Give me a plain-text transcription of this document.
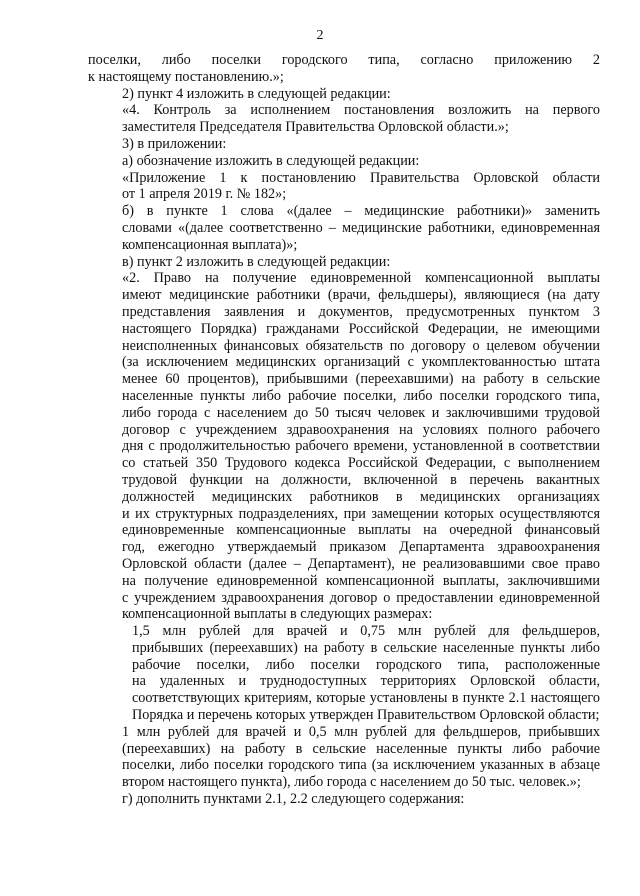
2

поселки, либо поселки городского типа, согласно приложению 2
к настоящему постановлению.»;

2) пункт 4 изложить в следующей редакции:

«4. Контроль за исполнением постановления возложить на первого
заместителя Председателя Правительства Орловской области.»;

3) в приложении:

а) обозначение изложить в следующей редакции:

«Приложение 1 к постановлению Правительства Орловской области
от 1 апреля 2019 г. № 182»;

б) в пункте 1 слова «(далее – медицинские работники)» заменить
словами «(далее соответственно – медицинские работники, единовременная
компенсационная выплата)»;

в) пункт 2 изложить в следующей редакции:

«2. Право на получение единовременной компенсационной выплаты
имеют медицинские работники (врачи, фельдшеры), являющиеся (на дату
представления заявления и документов, предусмотренных пунктом 3
настоящего Порядка) гражданами Российской Федерации, не имеющими
неисполненных финансовых обязательств по договору о целевом обучении
(за исключением медицинских организаций с укомплектованностью штата
менее 60 процентов), прибывшими (переехавшими) на работу в сельские
населенные пункты либо рабочие поселки, либо поселки городского типа,
либо города с населением до 50 тысяч человек и заключившими трудовой
договор с учреждением здравоохранения на условиях полного рабочего
дня с продолжительностью рабочего времени, установленной в соответствии
со статьей 350 Трудового кодекса Российской Федерации, с выполнением
трудовой функции на должности, включенной в перечень вакантных
должностей медицинских работников в медицинских организациях
и их структурных подразделениях, при замещении которых осуществляются
единовременные компенсационные выплаты на очередной финансовый
год, ежегодно утверждаемый приказом Департамента здравоохранения
Орловской области (далее – Департамент), не реализовавшими свое право
на получение единовременной компенсационной выплаты, заключившими
с учреждением здравоохранения договор о предоставлении единовременной
компенсационной выплаты в следующих размерах:

1,5 млн рублей для врачей и 0,75 млн рублей для фельдшеров,
прибывших (переехавших) на работу в сельские населенные пункты либо
рабочие поселки, либо поселки городского типа, расположенные
на удаленных и труднодоступных территориях Орловской области,
соответствующих критериям, которые установлены в пункте 2.1 настоящего
Порядка и перечень которых утвержден Правительством Орловской области;

1 млн рублей для врачей и 0,5 млн рублей для фельдшеров, прибывших
(переехавших) на работу в сельские населенные пункты либо рабочие
поселки, либо поселки городского типа (за исключением указанных в абзаце
втором настоящего пункта), либо города с населением до 50 тыс. человек.»;

г) дополнить пунктами 2.1, 2.2 следующего содержания:
